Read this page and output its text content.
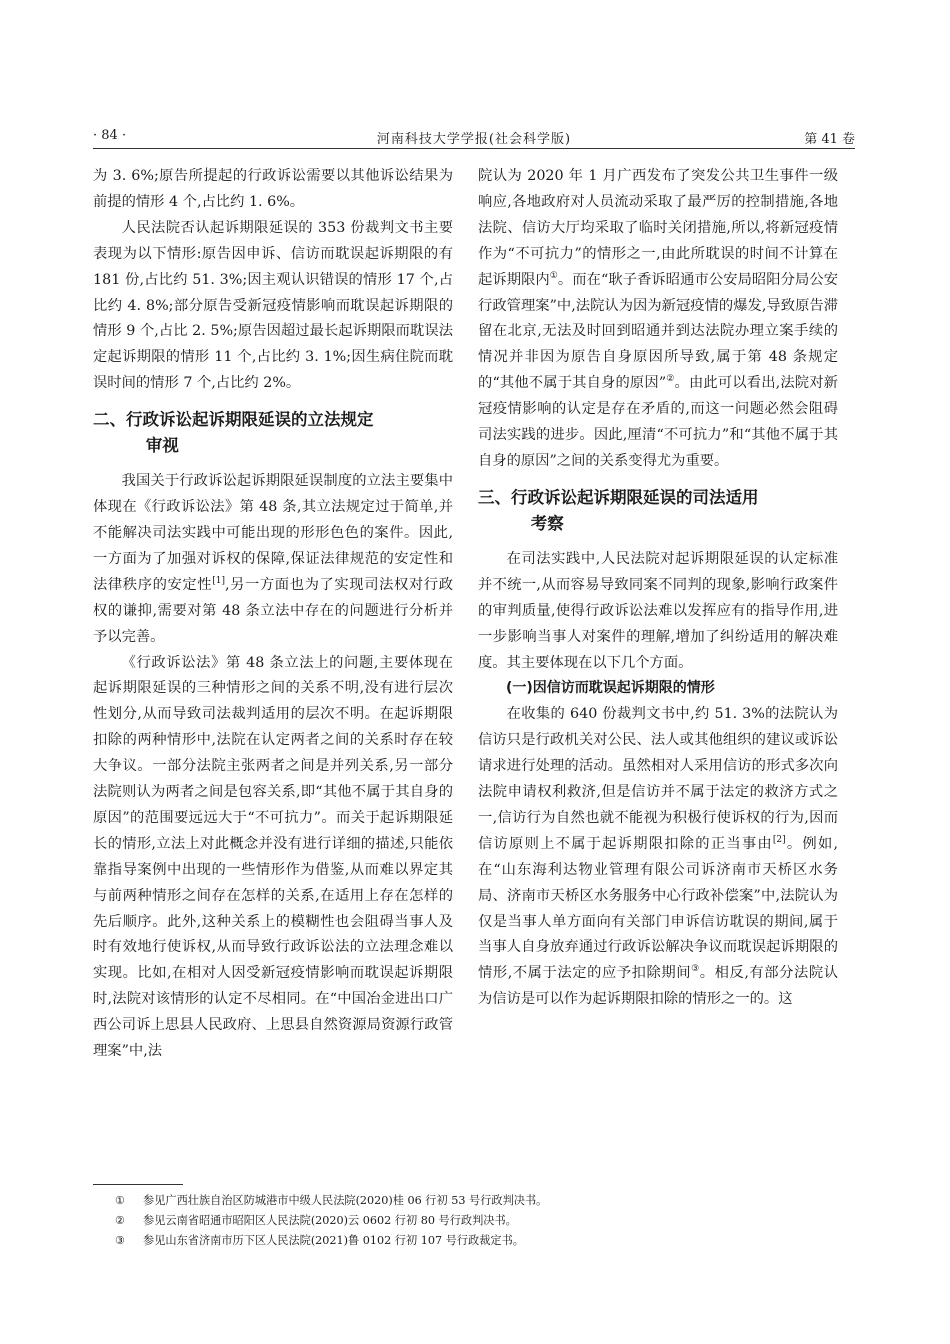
· 84 ·	河南科技大学学报(社会科学版)	第 41 卷

为 3. 6%;原告所提起的行政诉讼需要以其他诉讼结果为前提的情形 4 个,占比约 1. 6%。

人民法院否认起诉期限延误的 353 份裁判文书主要表现为以下情形:原告因申诉、信访而耽误起诉期限的有 181 份,占比约 51. 3%;因主观认识错误的情形 17 个,占比约 4. 8%;部分原告受新冠疫情影响而耽误起诉期限的情形 9 个,占比 2. 5%;原告因超过最长起诉期限而耽误法定起诉期限的情形 11 个,占比约 3. 1%;因生病住院而耽误时间的情形 7 个,占比约 2%。

二、行政诉讼起诉期限延误的立法规定
审视

我国关于行政诉讼起诉期限延误制度的立法主要集中体现在《行政诉讼法》第 48 条,其立法规定过于简单,并不能解决司法实践中可能出现的形形色色的案件。因此,一方面为了加强对诉权的保障,保证法律规范的安定性和法律秩序的安定性[1],另一方面也为了实现司法权对行政权的谦抑,需要对第 48 条立法中存在的问题进行分析并予以完善。

《行政诉讼法》第 48 条立法上的问题,主要体现在起诉期限延误的三种情形之间的关系不明,没有进行层次性划分,从而导致司法裁判适用的层次不明。在起诉期限扣除的两种情形中,法院在认定两者之间的关系时存在较大争议。一部分法院主张两者之间是并列关系,另一部分法院则认为两者之间是包容关系,即“其他不属于其自身的原因”的范围要远远大于“不可抗力”。而关于起诉期限延长的情形,立法上对此概念并没有进行详细的描述,只能依靠指导案例中出现的一些情形作为借鉴,从而难以界定其与前两种情形之间存在怎样的关系,在适用上存在怎样的先后顺序。此外,这种关系上的模糊性也会阻碍当事人及时有效地行使诉权,从而导致行政诉讼法的立法理念难以实现。比如,在相对人因受新冠疫情影响而耽误起诉期限时,法院对该情形的认定不尽相同。在“中国冶金进出口广西公司诉上思县人民政府、上思县自然资源局资源行政管理案”中,法

院认为 2020 年 1 月广西发布了突发公共卫生事件一级响应,各地政府对人员流动采取了最严厉的控制措施,各地法院、信访大厅均采取了临时关闭措施,所以,将新冠疫情作为“不可抗力”的情形之一,由此所耽误的时间不计算在起诉期限内①。而在“耿子香诉昭通市公安局昭阳分局公安行政管理案”中,法院认为因为新冠疫情的爆发,导致原告滞留在北京,无法及时回到昭通并到达法院办理立案手续的情况并非因为原告自身原因所导致,属于第 48 条规定的“其他不属于其自身的原因”②。由此可以看出,法院对新冠疫情影响的认定是存在矛盾的,而这一问题必然会阻碍司法实践的进步。因此,厘清“不可抗力”和“其他不属于其自身的原因”之间的关系变得尤为重要。

三、行政诉讼起诉期限延误的司法适用
考察

在司法实践中,人民法院对起诉期限延误的认定标准并不统一,从而容易导致同案不同判的现象,影响行政案件的审判质量,使得行政诉讼法难以发挥应有的指导作用,进一步影响当事人对案件的理解,增加了纠纷适用的解决难度。其主要体现在以下几个方面。

(一)因信访而耽误起诉期限的情形

在收集的 640 份裁判文书中,约 51. 3%的法院认为信访只是行政机关对公民、法人或其他组织的建议或诉讼请求进行处理的活动。虽然相对人采用信访的形式多次向法院申请权利救济,但是信访并不属于法定的救济方式之一,信访行为自然也就不能视为积极行使诉权的行为,因而信访原则上不属于起诉期限扣除的正当事由[2]。例如,在“山东海利达物业管理有限公司诉济南市天桥区水务局、济南市天桥区水务服务中心行政补偿案”中,法院认为仅是当事人单方面向有关部门申诉信访耽误的期间,属于当事人自身放弃通过行政诉讼解决争议而耽误起诉期限的情形,不属于法定的应予扣除期间③。相反,有部分法院认为信访是可以作为起诉期限扣除的情形之一的。这

① 参见广西壮族自治区防城港市中级人民法院(2020)桂 06 行初 53 号行政判决书。
② 参见云南省昭通市昭阳区人民法院(2020)云 0602 行初 80 号行政判决书。
③ 参见山东省济南市历下区人民法院(2021)鲁 0102 行初 107 号行政裁定书。
